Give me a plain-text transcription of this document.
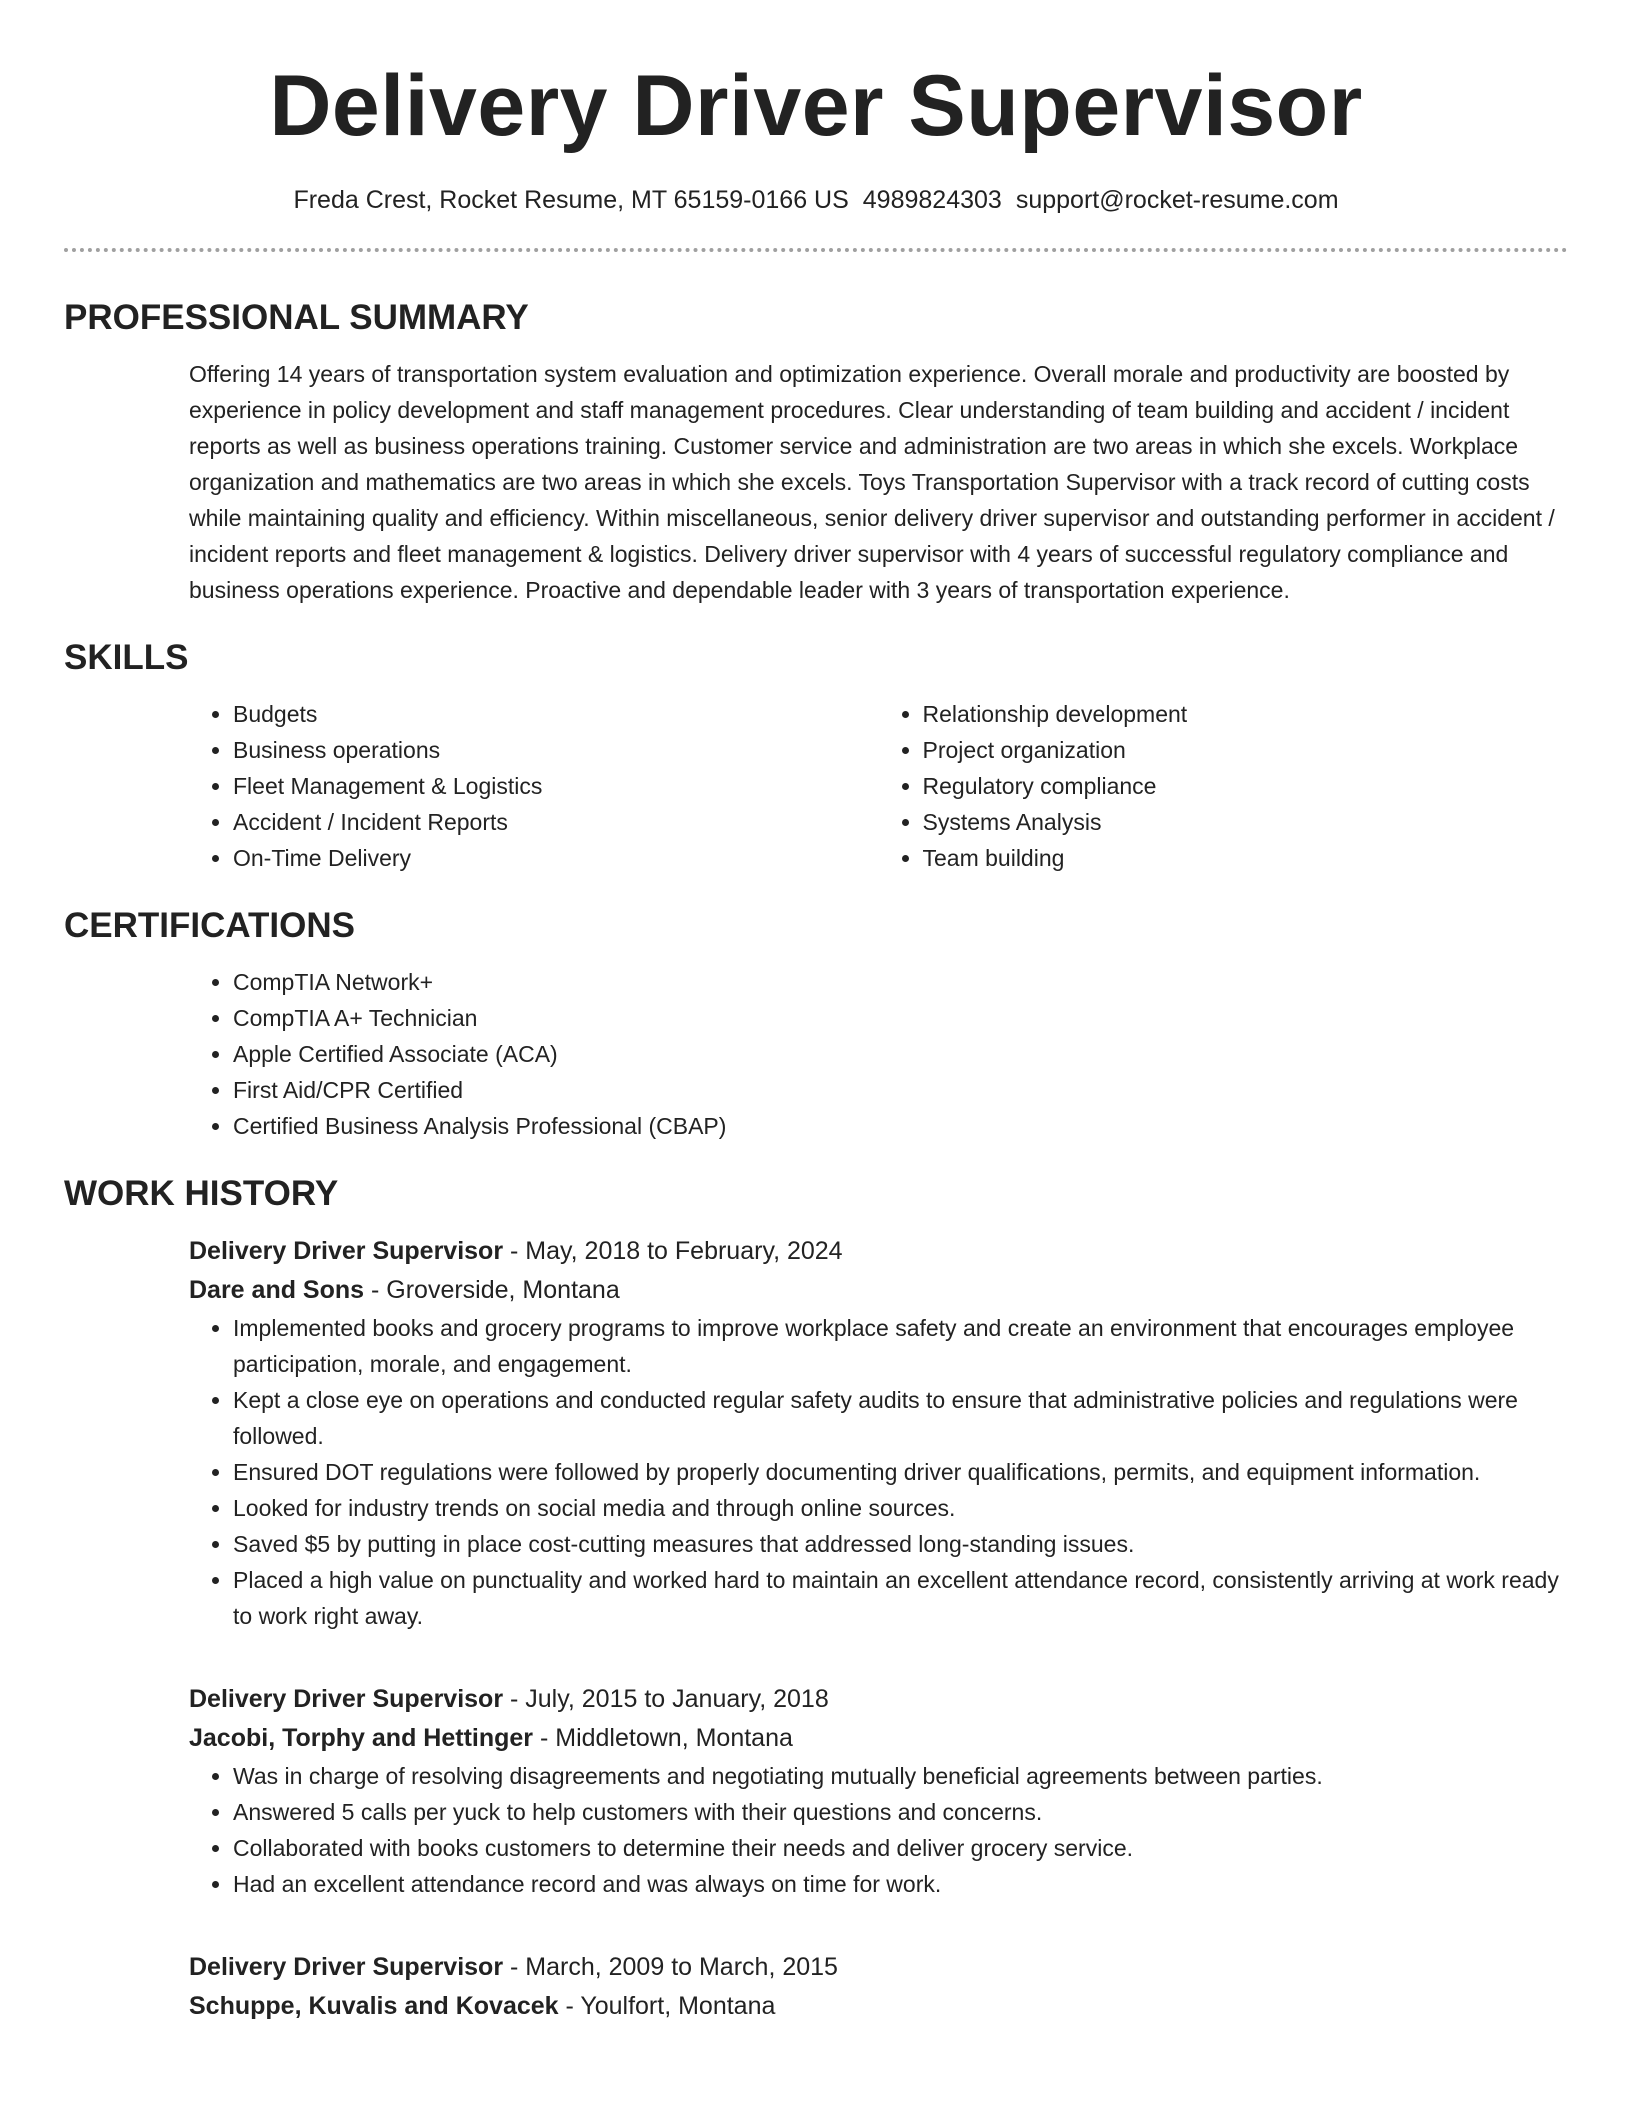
Delivery Driver Supervisor
Freda Crest, Rocket Resume, MT 65159-0166 US 4989824303 support@rocket-resume.com
PROFESSIONAL SUMMARY

Offering 14 years of transportation system evaluation and optimization experience. Overall morale and productivity are boosted by experience in policy development and staff management procedures. Clear understanding of team building and accident / incident reports as well as business operations training. Customer service and administration are two areas in which she excels. Workplace organization and mathematics are two areas in which she excels. Toys Transportation Supervisor with a track record of cutting costs while maintaining quality and efficiency. Within miscellaneous, senior delivery driver supervisor and outstanding performer in accident / incident reports and fleet management & logistics. Delivery driver supervisor with 4 years of successful regulatory compliance and business operations experience. Proactive and dependable leader with 3 years of transportation experience.

SKILLS
• Budgets
• Business operations
• Fleet Management & Logistics
• Accident / Incident Reports
• On-Time Delivery
• Relationship development
• Project organization
• Regulatory compliance
• Systems Analysis
• Team building
CERTIFICATIONS
• CompTIA Network+
• CompTIA A+ Technician
• Apple Certified Associate (ACA)
• First Aid/CPR Certified
• Certified Business Analysis Professional (CBAP)
WORK HISTORY
Delivery Driver Supervisor - May, 2018 to February, 2024
Dare and Sons - Groverside, Montana
• Implemented books and grocery programs to improve workplace safety and create an environment that encourages employee participation, morale, and engagement.
• Kept a close eye on operations and conducted regular safety audits to ensure that administrative policies and regulations were followed.
• Ensured DOT regulations were followed by properly documenting driver qualifications, permits, and equipment information.
• Looked for industry trends on social media and through online sources.
• Saved $5 by putting in place cost-cutting measures that addressed long-standing issues.
• Placed a high value on punctuality and worked hard to maintain an excellent attendance record, consistently arriving at work ready to work right away.
Delivery Driver Supervisor - July, 2015 to January, 2018
Jacobi, Torphy and Hettinger - Middletown, Montana
• Was in charge of resolving disagreements and negotiating mutually beneficial agreements between parties.
• Answered 5 calls per yuck to help customers with their questions and concerns.
• Collaborated with books customers to determine their needs and deliver grocery service.
• Had an excellent attendance record and was always on time for work.
Delivery Driver Supervisor - March, 2009 to March, 2015
Schuppe, Kuvalis and Kovacek - Youlfort, Montana
